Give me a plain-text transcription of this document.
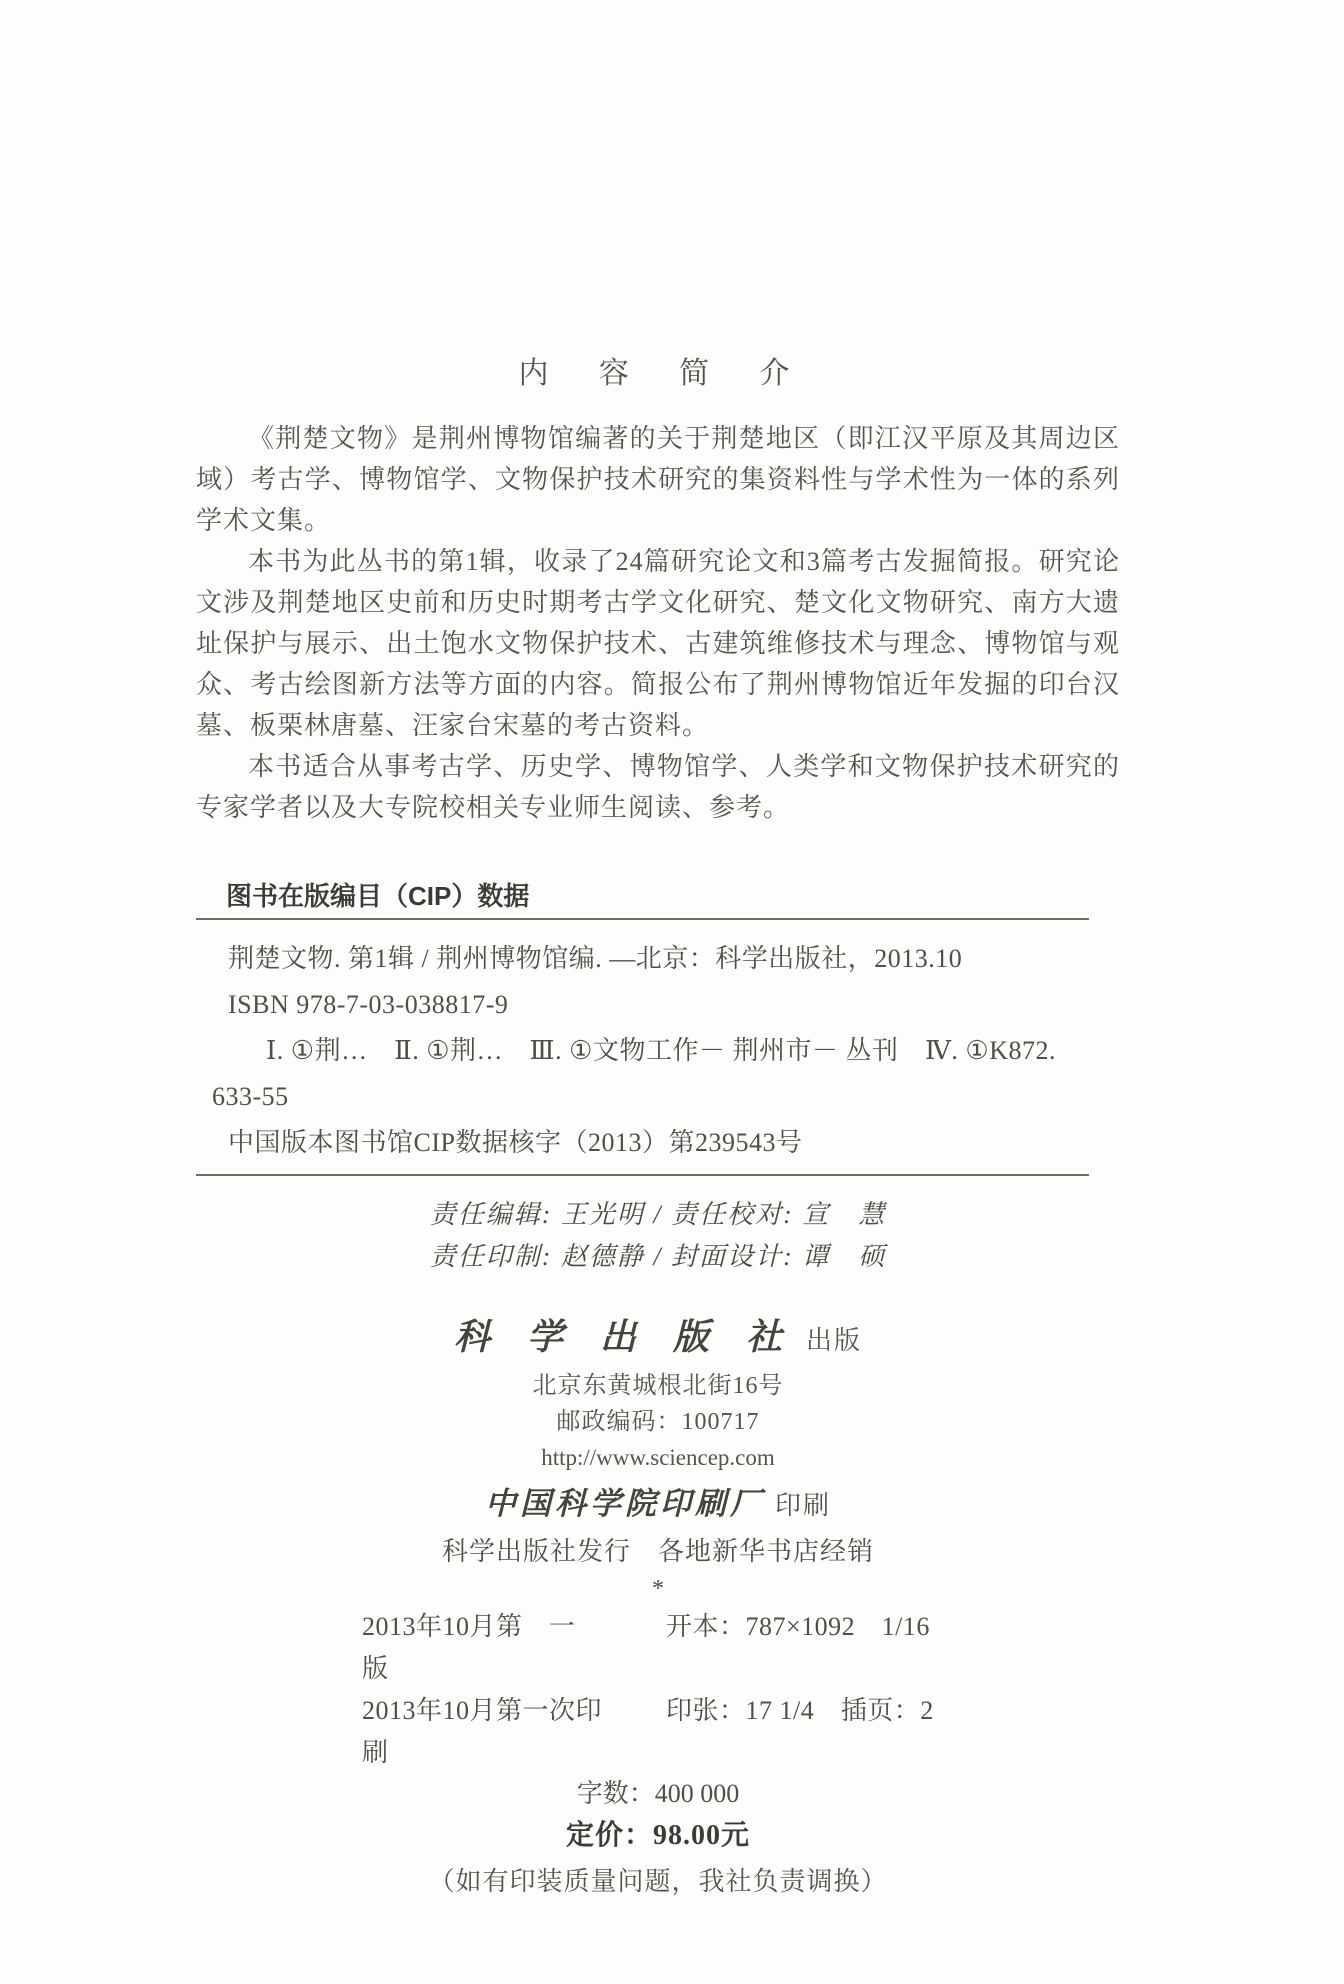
内 容 简 介

《荆楚文物》是荆州博物馆编著的关于荆楚地区（即江汉平原及其周边区域）考古学、博物馆学、文物保护技术研究的集资料性与学术性为一体的系列学术文集。

本书为此丛书的第1辑，收录了24篇研究论文和3篇考古发掘简报。研究论文涉及荆楚地区史前和历史时期考古学文化研究、楚文化文物研究、南方大遗址保护与展示、出土饱水文物保护技术、古建筑维修技术与理念、博物馆与观众、考古绘图新方法等方面的内容。简报公布了荆州博物馆近年发掘的印台汉墓、板栗林唐墓、汪家台宋墓的考古资料。

本书适合从事考古学、历史学、博物馆学、人类学和文物保护技术研究的专家学者以及大专院校相关专业师生阅读、参考。

图书在版编目（CIP）数据
荆楚文物. 第1辑 / 荆州博物馆编. —北京：科学出版社，2013.10
ISBN 978-7-03-038817-9
Ⅰ. ①荆…　Ⅱ. ①荆…　Ⅲ. ①文物工作－ 荆州市－ 丛刊　Ⅳ. ①K872.
633-55
中国版本图书馆CIP数据核字（2013）第239543号
责任编辑: 王光明 / 责任校对: 宣　慧
责任印制: 赵德静 / 封面设计: 谭　硕
科 学 出 版 社 出版
北京东黄城根北街16号
邮政编码：100717
http://www.sciencep.com
中国科学院印刷厂 印刷
科学出版社发行　各地新华书店经销
*
2013年10月第　一　版
开本：787×1092　1/16
2013年10月第一次印刷
印张：17 1/4　插页：2
字数：400 000
定价：98.00元
（如有印装质量问题，我社负责调换）
